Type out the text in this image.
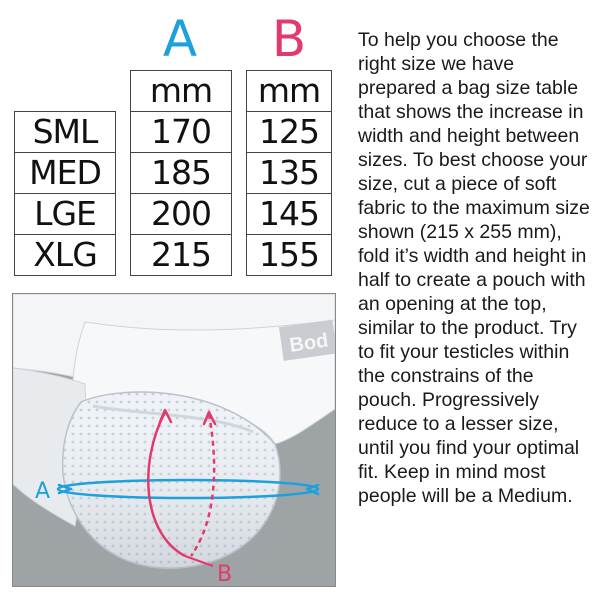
A	B
		mm		mm
SML		170		125
MED		185		135
LGE		200		145
XLG		215		155

To help you choose the right size we have prepared a bag size table that shows the increase in width and height between sizes. To best choose your size, cut a piece of soft fabric to the maximum size shown (215 x 255 mm), fold it’s width and height in half to create a pouch with an opening at the top, similar to the product. Try to fit your testicles within the constrains of the pouch. Progressively reduce to a lesser size, until you find your optimal fit. Keep in mind most people will be a Medium.

Bod
A
B
